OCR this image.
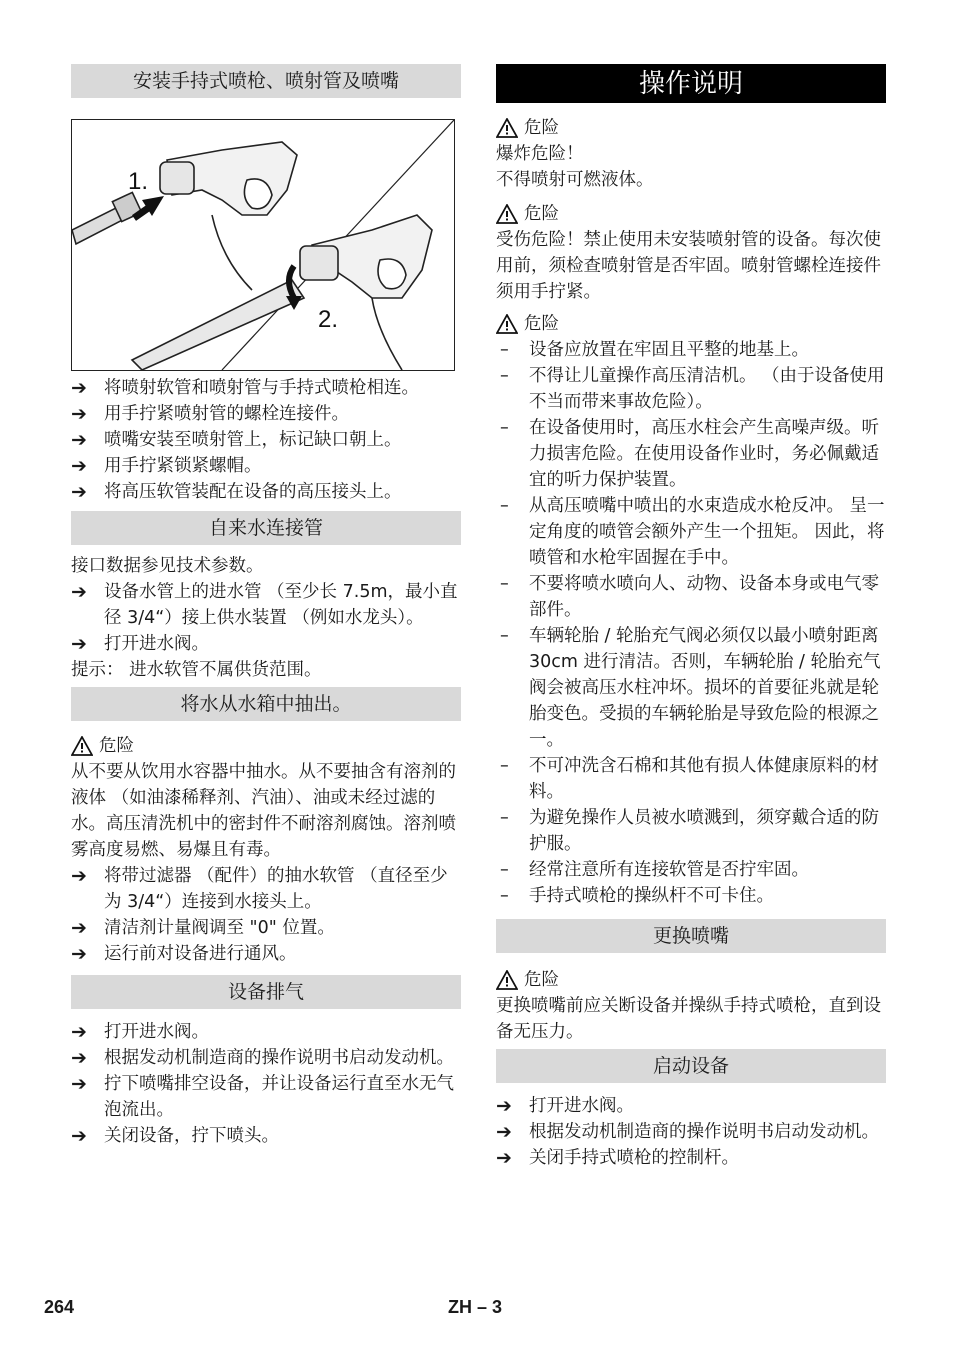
安装手持式喷枪、喷射管及喷嘴
1.
2.
➔ 将喷射软管和喷射管与手持式喷枪相连。
➔ 用手拧紧喷射管的螺栓连接件。
➔ 喷嘴安装至喷射管上，标记缺口朝上。
➔ 用手拧紧锁紧螺帽。
➔ 将高压软管装配在设备的高压接头上。
自来水连接管

接口数据参见技术参数。

➔ 设备水管上的进水管 （至少长 7.5m，最小直径 3/4“）接上供水装置 （例如水龙头）。
➔ 打开进水阀。

提示： 进水软管不属供货范围。

将水从水箱中抽出。
危险

从不要从饮用水容器中抽水。从不要抽含有溶剂的液体 （如油漆稀释剂、汽油）、油或未经过滤的水。高压清洗机中的密封件不耐溶剂腐蚀。溶剂喷雾高度易燃、易爆且有毒。

➔ 将带过滤器 （配件）的抽水软管 （直径至少为 3/4“）连接到水接头上。
➔ 清洁剂计量阀调至 "0" 位置。
➔ 运行前对设备进行通风。
设备排气
➔ 打开进水阀。
➔ 根据发动机制造商的操作说明书启动发动机。
➔ 拧下喷嘴排空设备，并让设备运行直至水无气泡流出。
➔ 关闭设备，拧下喷头。
操作说明
危险

爆炸危险！

不得喷射可燃液体。

危险

受伤危险！禁止使用未安装喷射管的设备。每次使用前，须检查喷射管是否牢固。喷射管螺栓连接件须用手拧紧。

危险
– 设备应放置在牢固且平整的地基上。
– 不得让儿童操作高压清洁机。 （由于设备使用不当而带来事故危险）。
– 在设备使用时，高压水柱会产生高噪声级。听力损害危险。在使用设备作业时，务必佩戴适宜的听力保护装置。
– 从高压喷嘴中喷出的水束造成水枪反冲。 呈一定角度的喷管会额外产生一个扭矩。 因此，将喷管和水枪牢固握在手中。
– 不要将喷水喷向人、动物、设备本身或电气零部件。
– 车辆轮胎 / 轮胎充气阀必须仅以最小喷射距离 30cm 进行清洁。否则，车辆轮胎 / 轮胎充气阀会被高压水柱冲坏。损坏的首要征兆就是轮胎变色。受损的车辆轮胎是导致危险的根源之一。
– 不可冲洗含石棉和其他有损人体健康原料的材料。
– 为避免操作人员被水喷溅到，须穿戴合适的防护服。
– 经常注意所有连接软管是否拧牢固。
– 手持式喷枪的操纵杆不可卡住。
更换喷嘴
危险

更换喷嘴前应关断设备并操纵手持式喷枪，直到设备无压力。

启动设备
➔ 打开进水阀。
➔ 根据发动机制造商的操作说明书启动发动机。
➔ 关闭手持式喷枪的控制杆。
264	ZH – 3
